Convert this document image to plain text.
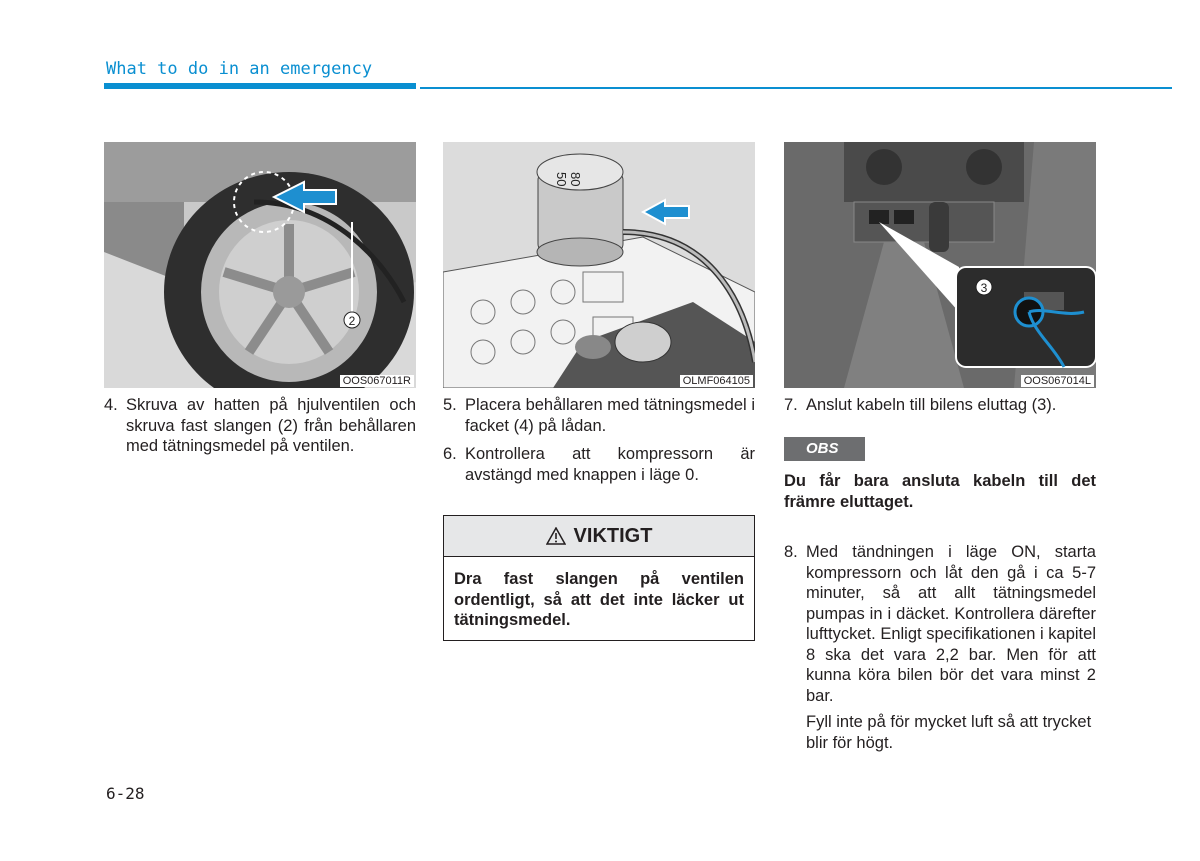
What to do in an emergency
2
OOS067011R
80
50
OLMF064105
3
OOS067014L
4. Skruva av hatten på hjulventilen och skruva fast slangen (2) från behållaren med tätningsmedel på ventilen.
5. Placera behållaren med tätningsmedel i facket (4) på lådan.
6. Kontrollera att kompressorn är avstängd med knappen i läge 0.
VIKTIGT
Dra fast slangen på ventilen ordentligt, så att det inte läcker ut tätningsmedel.
7. Anslut kabeln till bilens eluttag (3).
OBS
Du får bara ansluta kabeln till det främre eluttaget.
8. Med tändningen i läge ON, starta kompressorn och låt den gå i ca 5-7 minuter, så att allt tätningsmedel pumpas in i däcket. Kontrollera därefter lufttycket. Enligt specifikationen i kapitel 8 ska det vara 2,2 bar. Men för att kunna köra bilen bör det vara minst 2 bar.
Fyll inte på för mycket luft så att trycket blir för högt.
6-28
